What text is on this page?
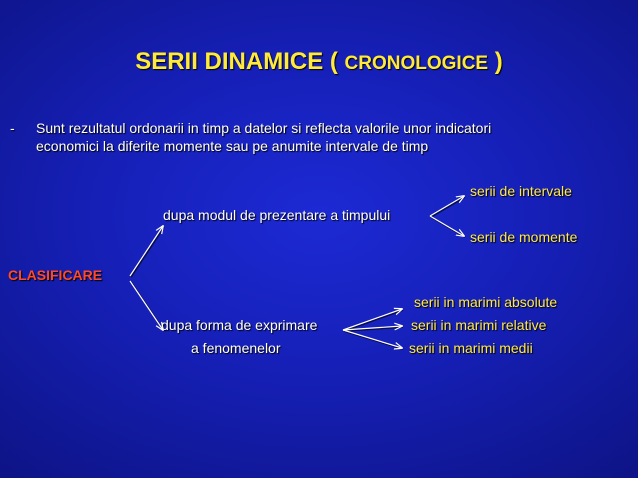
SERII DINAMICE ( CRONOLOGICE )
- Sunt rezultatul ordonarii in timp a datelor si reflecta valorile unor indicatori
economici la diferite momente sau pe anumite intervale de timp
serii de intervale
dupa modul de prezentare a timpului
serii de momente
CLASIFICARE
serii in marimi absolute
dupa forma de exprimare	serii in marimi relative
a fenomenelor	serii in marimi medii
